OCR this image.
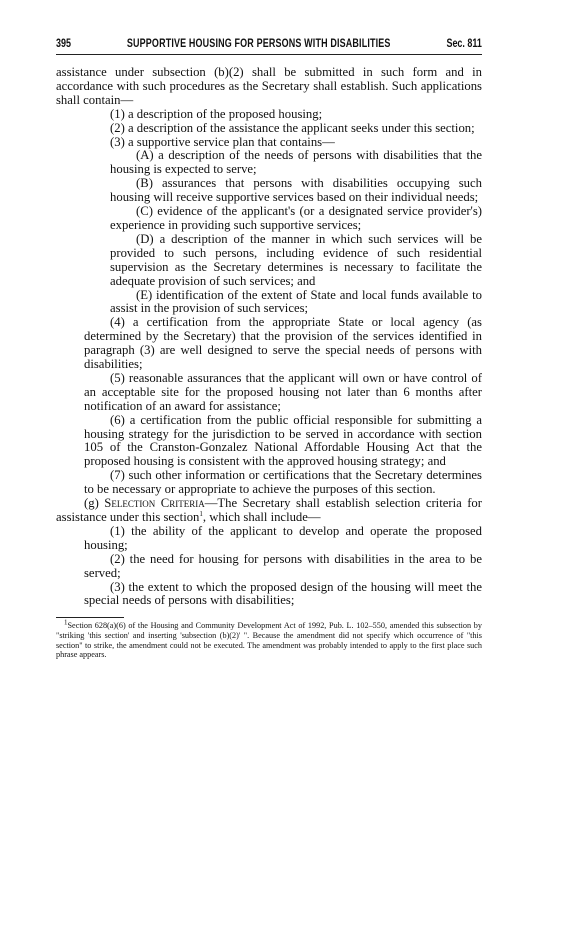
395	SUPPORTIVE HOUSING FOR PERSONS WITH DISABILITIES	Sec. 811

assistance under subsection (b)(2) shall be submitted in such form and in accordance with such procedures as the Secretary shall establish. Such applications shall contain—

(1) a description of the proposed housing;

(2) a description of the assistance the applicant seeks under this section;

(3) a supportive service plan that contains—

(A) a description of the needs of persons with disabilities that the housing is expected to serve;

(B) assurances that persons with disabilities occupying such housing will receive supportive services based on their individual needs;

(C) evidence of the applicant's (or a designated service provider's) experience in providing such supportive services;

(D) a description of the manner in which such services will be provided to such persons, including evidence of such residential supervision as the Secretary determines is necessary to facilitate the adequate provision of such services; and

(E) identification of the extent of State and local funds available to assist in the provision of such services;

(4) a certification from the appropriate State or local agency (as determined by the Secretary) that the provision of the services identified in paragraph (3) are well designed to serve the special needs of persons with disabilities;

(5) reasonable assurances that the applicant will own or have control of an acceptable site for the proposed housing not later than 6 months after notification of an award for assistance;

(6) a certification from the public official responsible for submitting a housing strategy for the jurisdiction to be served in accordance with section 105 of the Cranston-Gonzalez National Affordable Housing Act that the proposed housing is consistent with the approved housing strategy; and

(7) such other information or certifications that the Secretary determines to be necessary or appropriate to achieve the purposes of this section.

(g) Selection Criteria—The Secretary shall establish selection criteria for assistance under this section$^1$, which shall include—

(1) the ability of the applicant to develop and operate the proposed housing;

(2) the need for housing for persons with disabilities in the area to be served;

(3) the extent to which the proposed design of the housing will meet the special needs of persons with disabilities;

$^1$Section 628(a)(6) of the Housing and Community Development Act of 1992, Pub. L. 102–550, amended this subsection by "striking 'this section' and inserting 'subsection (b)(2)' ". Because the amendment did not specify which occurrence of "this section" to strike, the amendment could not be executed. The amendment was probably intended to apply to the first place such phrase appears.
